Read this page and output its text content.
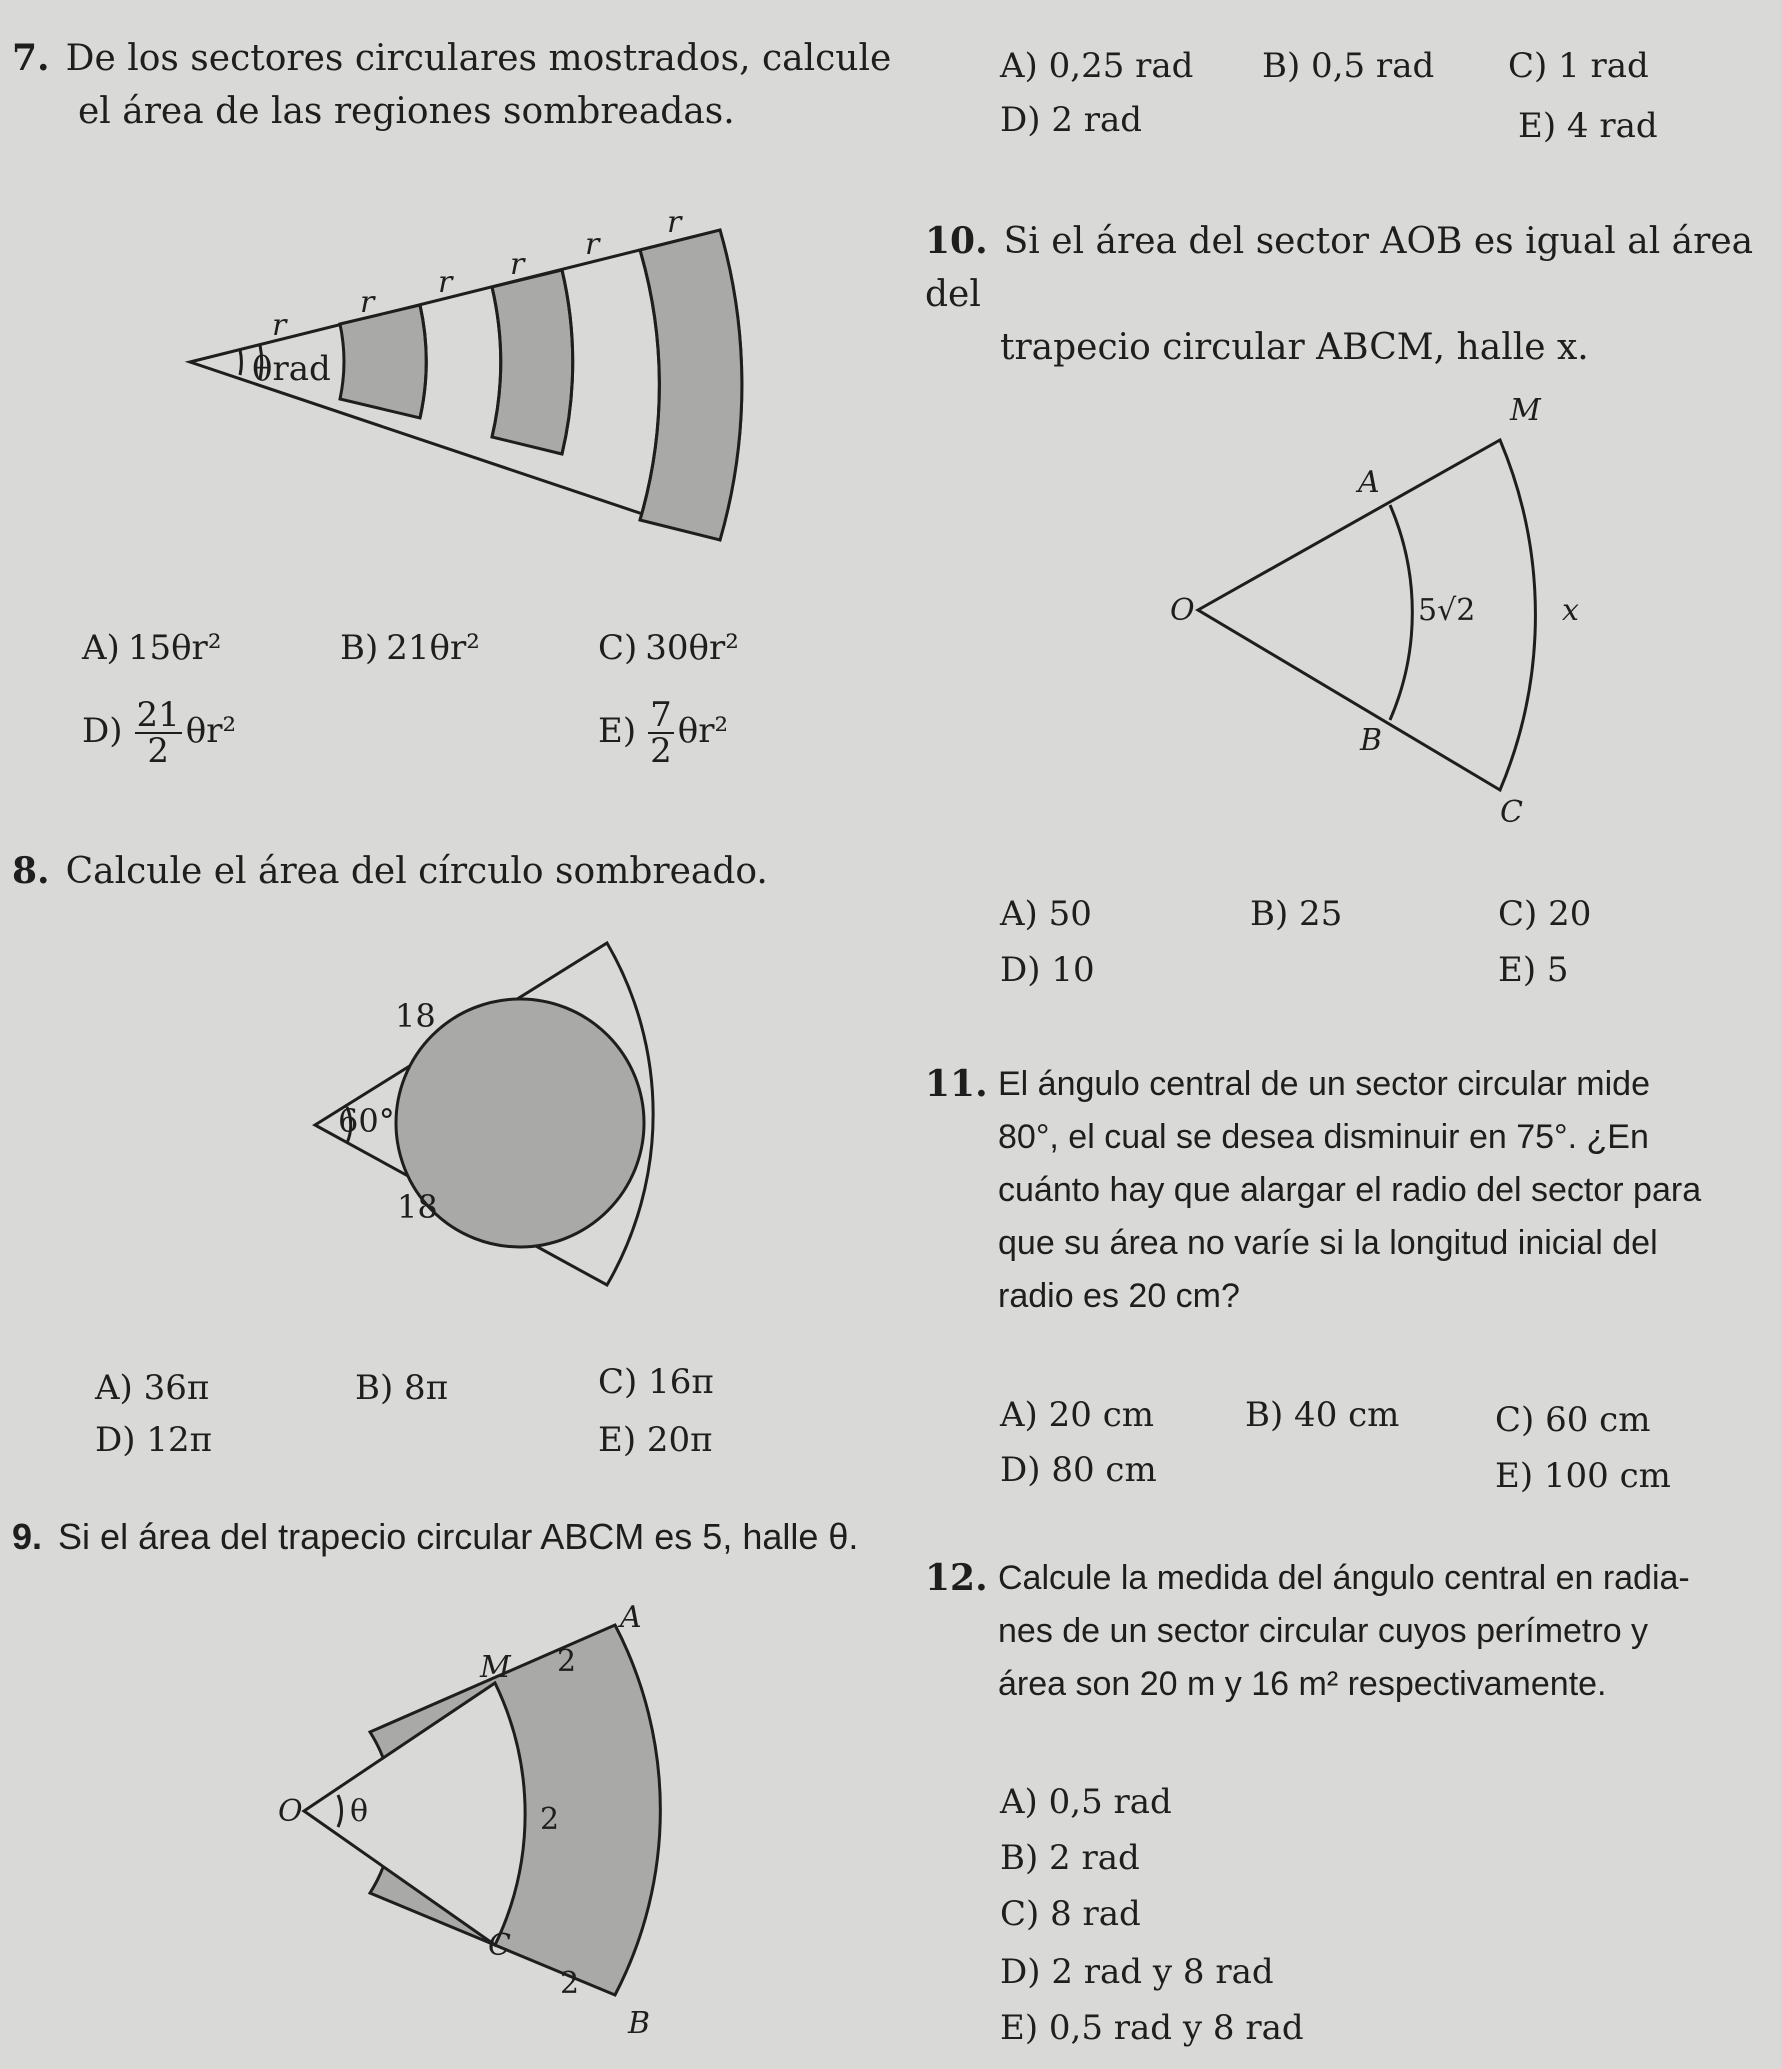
7. De los sectores circulares mostrados, calcule
el área de las regiones sombreadas.
θrad
r
r
r
r
r
r
A) 15θr²	B) 21θr²	C) 30θr²
$D) \frac{21}{2} \theta r^2$	$E) \frac{7}{2} \theta r^2$
A) 0,25 rad B) 0,5 rad C) 1 rad
D) 2 rad	E) 4 rad
8. Calcule el área del círculo sombreado.
60°
18
18
A) 36π	B) 8π	C) 16π
D) 12π	E) 20π
9. Si el área del trapecio circular ABCM es 5, halle θ.
A
M
O θ
C
B
2
2
2
10. Si el área del sector AOB es igual al área del
trapecio circular ABCM, halle x.
M
A
O
B
C
5√2	x
A) 50	B) 25	C) 20
D) 10	E) 5
11. El ángulo central de un sector circular mide
80°, el cual se desea disminuir en 75°. ¿En
cuánto hay que alargar el radio del sector para
que su área no varíe si la longitud inicial del
radio es 20 cm?
A) 20 cm	B) 40 cm	C) 60 cm
D) 80 cm	E) 100 cm
12. Calcule la medida del ángulo central en radia-
nes de un sector circular cuyos perímetro y
área son 20 m y 16 m² respectivamente.
A) 0,5 rad
B) 2 rad
C) 8 rad
D) 2 rad y 8 rad
E) 0,5 rad y 8 rad
